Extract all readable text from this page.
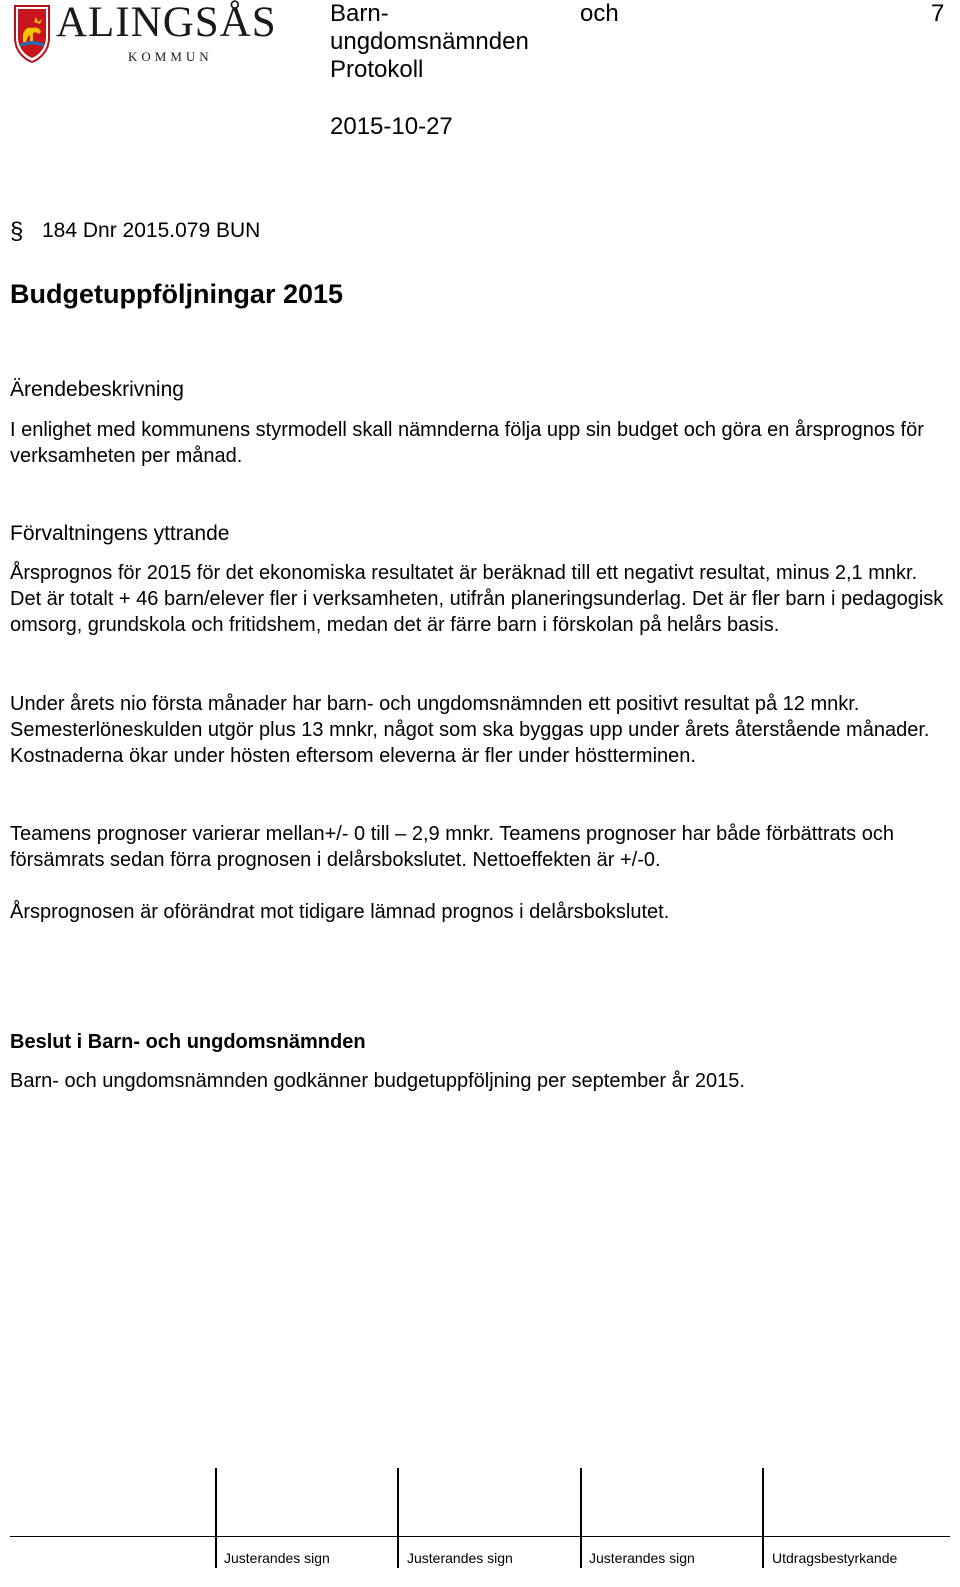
ALINGSÅS
KOMMUN
Barn-	och
ungdomsnämnden
Protokoll
7
2015-10-27
§ 184 Dnr 2015.079 BUN
Budgetuppföljningar 2015
Ärendebeskrivning

I enlighet med kommunens styrmodell skall nämnderna följa upp sin budget och göra en årsprognos för verksamheten per månad.

Förvaltningens yttrande

Årsprognos för 2015 för det ekonomiska resultatet är beräknad till ett negativt resultat, minus 2,1 mnkr. Det är totalt + 46 barn/elever fler i verksamheten, utifrån planeringsunderlag. Det är fler barn i pedagogisk omsorg, grundskola och fritidshem, medan det är färre barn i förskolan på helårs basis.

Under årets nio första månader har barn- och ungdomsnämnden ett positivt resultat på 12 mnkr. Semesterlöneskulden utgör plus 13 mnkr, något som ska byggas upp under årets återstående månader. Kostnaderna ökar under hösten eftersom eleverna är fler under höstterminen.

Teamens prognoser varierar mellan+/- 0 till – 2,9 mnkr. Teamens prognoser har både förbättrats och försämrats sedan förra prognosen i delårsbokslutet. Nettoeffekten är +/-0.

Årsprognosen är oförändrat mot tidigare lämnad prognos i delårsbokslutet.

Beslut i Barn- och ungdomsnämnden

Barn- och ungdomsnämnden godkänner budgetuppföljning per september år 2015.

Justerandes sign	Justerandes sign	Justerandes sign	Utdragsbestyrkande
